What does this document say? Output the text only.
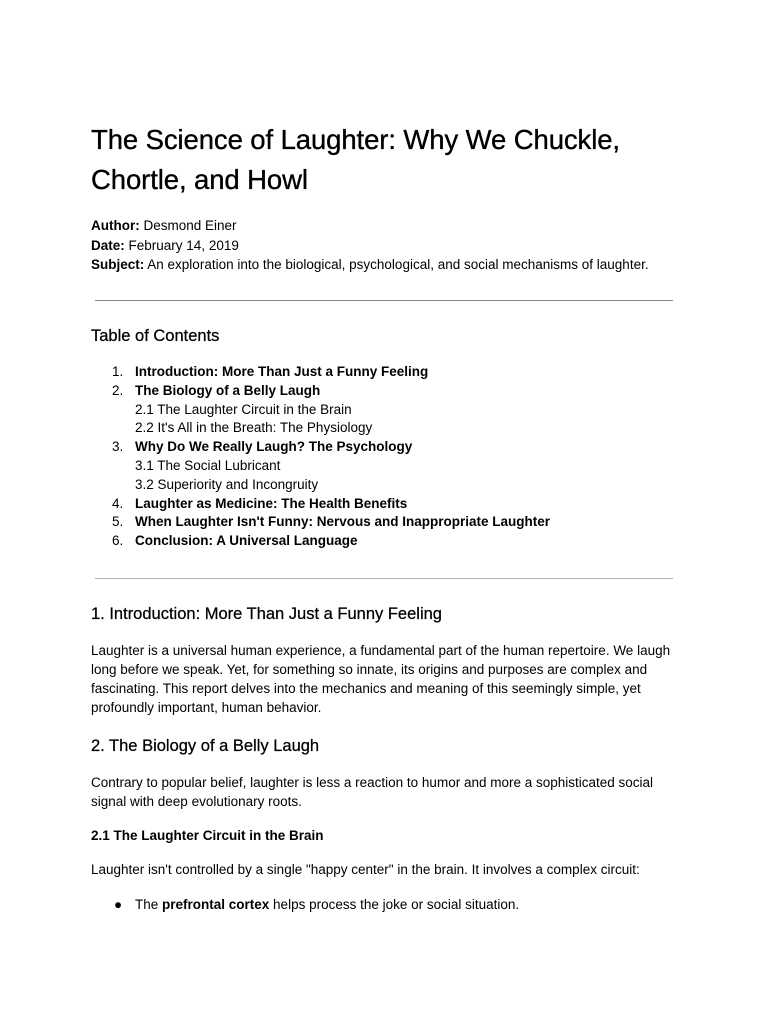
The Science of Laughter: Why We Chuckle, Chortle, and Howl
Author: Desmond Einer
Date: February 14, 2019
Subject: An exploration into the biological, psychological, and social mechanisms of laughter.
Table of Contents
1. Introduction: More Than Just a Funny Feeling
2. The Biology of a Belly Laugh
2.1 The Laughter Circuit in the Brain
2.2 It's All in the Breath: The Physiology
3. Why Do We Really Laugh? The Psychology
3.1 The Social Lubricant
3.2 Superiority and Incongruity
4. Laughter as Medicine: The Health Benefits
5. When Laughter Isn't Funny: Nervous and Inappropriate Laughter
6. Conclusion: A Universal Language
1. Introduction: More Than Just a Funny Feeling

Laughter is a universal human experience, a fundamental part of the human repertoire. We laugh long before we speak. Yet, for something so innate, its origins and purposes are complex and fascinating. This report delves into the mechanics and meaning of this seemingly simple, yet profoundly important, human behavior.

2. The Biology of a Belly Laugh

Contrary to popular belief, laughter is less a reaction to humor and more a sophisticated social signal with deep evolutionary roots.

2.1 The Laughter Circuit in the Brain

Laughter isn't controlled by a single "happy center" in the brain. It involves a complex circuit:

● The prefrontal cortex helps process the joke or social situation.
